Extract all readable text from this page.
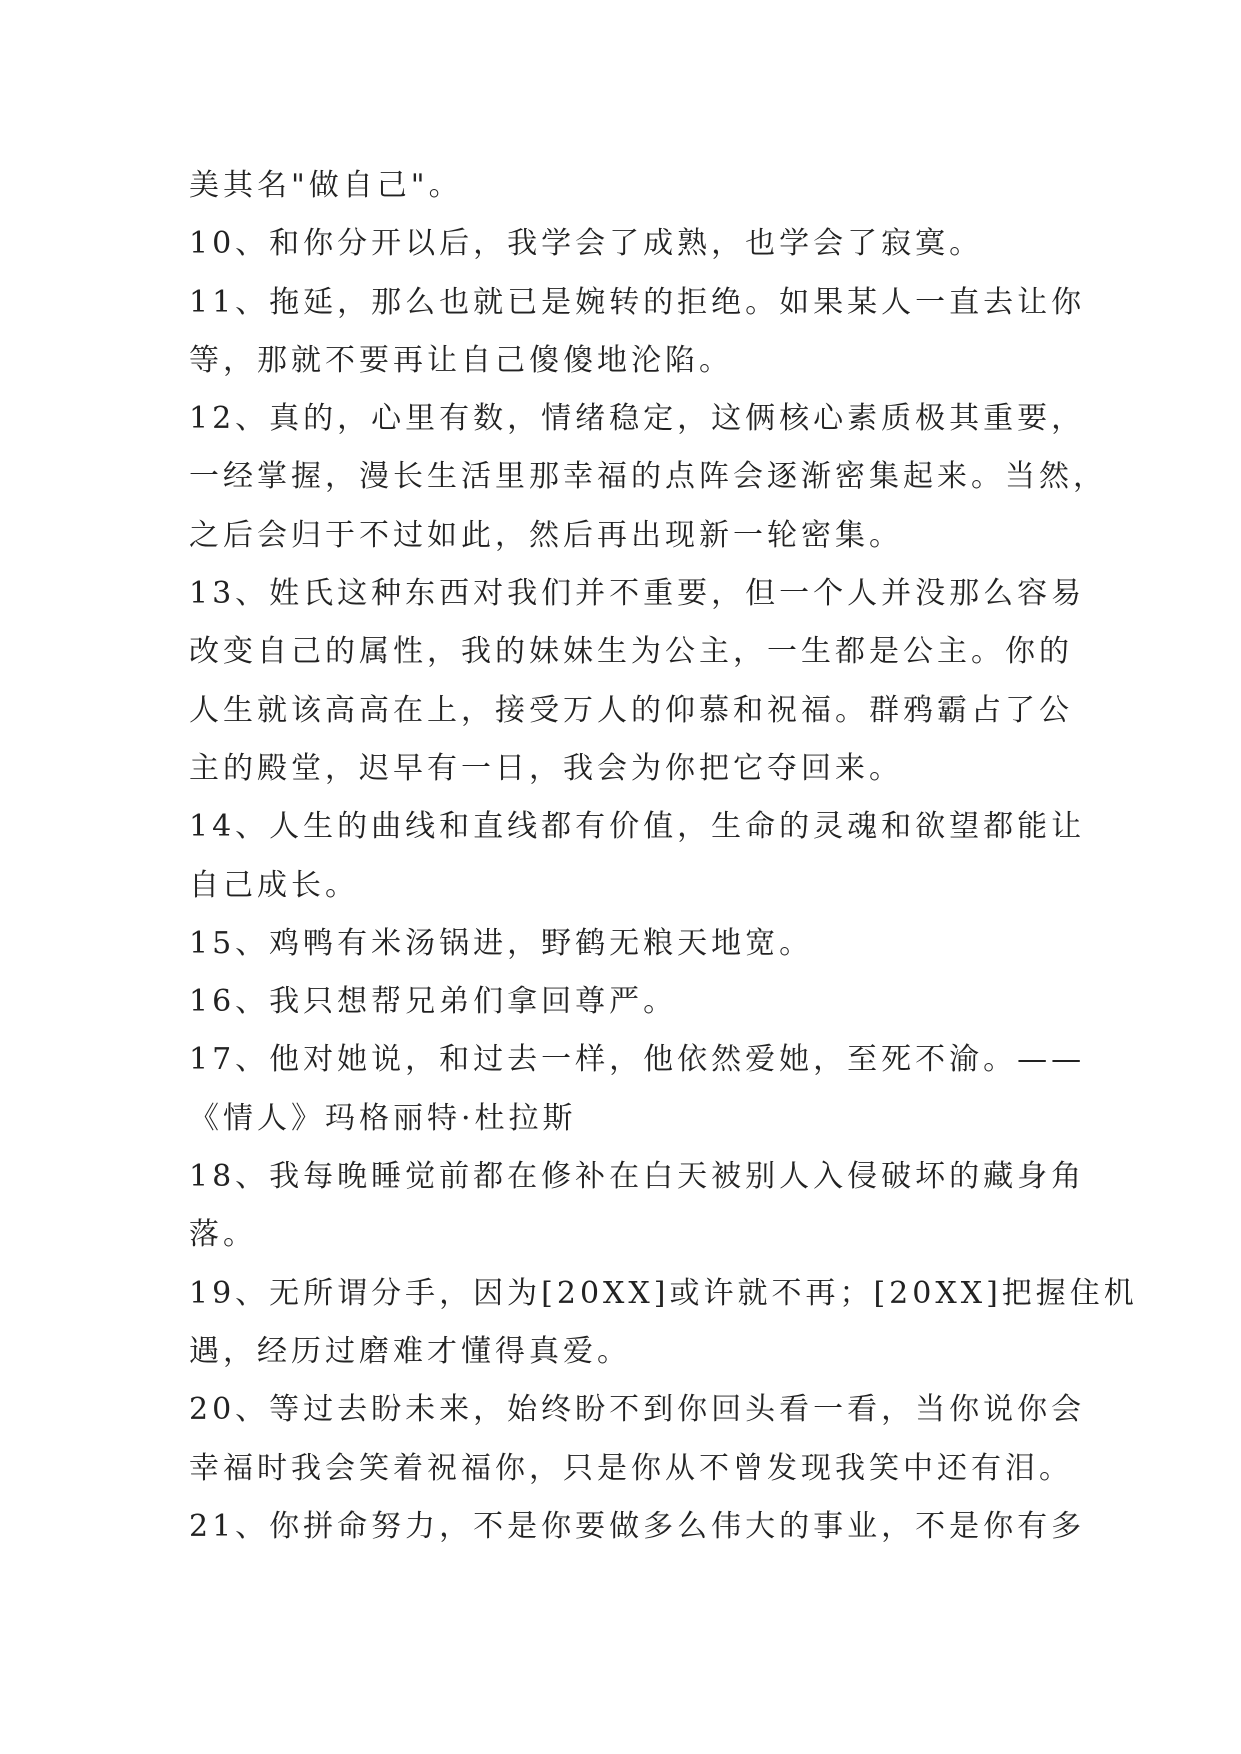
美其名"做自己"。
10、和你分开以后，我学会了成熟，也学会了寂寞。
11、拖延，那么也就已是婉转的拒绝。如果某人一直去让你
等，那就不要再让自己傻傻地沦陷。
12、真的，心里有数，情绪稳定，这俩核心素质极其重要，
一经掌握，漫长生活里那幸福的点阵会逐渐密集起来。当然，
之后会归于不过如此，然后再出现新一轮密集。
13、姓氏这种东西对我们并不重要，但一个人并没那么容易
改变自己的属性，我的妹妹生为公主，一生都是公主。你的
人生就该高高在上，接受万人的仰慕和祝福。群鸦霸占了公
主的殿堂，迟早有一日，我会为你把它夺回来。
14、人生的曲线和直线都有价值，生命的灵魂和欲望都能让
自己成长。
15、鸡鸭有米汤锅进，野鹤无粮天地宽。
16、我只想帮兄弟们拿回尊严。
17、他对她说，和过去一样，他依然爱她，至死不渝。——
《情人》玛格丽特·杜拉斯
18、我每晚睡觉前都在修补在白天被别人入侵破坏的藏身角
落。
19、无所谓分手，因为[20XX]或许就不再；[20XX]把握住机
遇，经历过磨难才懂得真爱。
20、等过去盼未来，始终盼不到你回头看一看，当你说你会
幸福时我会笑着祝福你，只是你从不曾发现我笑中还有泪。
21、你拼命努力，不是你要做多么伟大的事业，不是你有多
